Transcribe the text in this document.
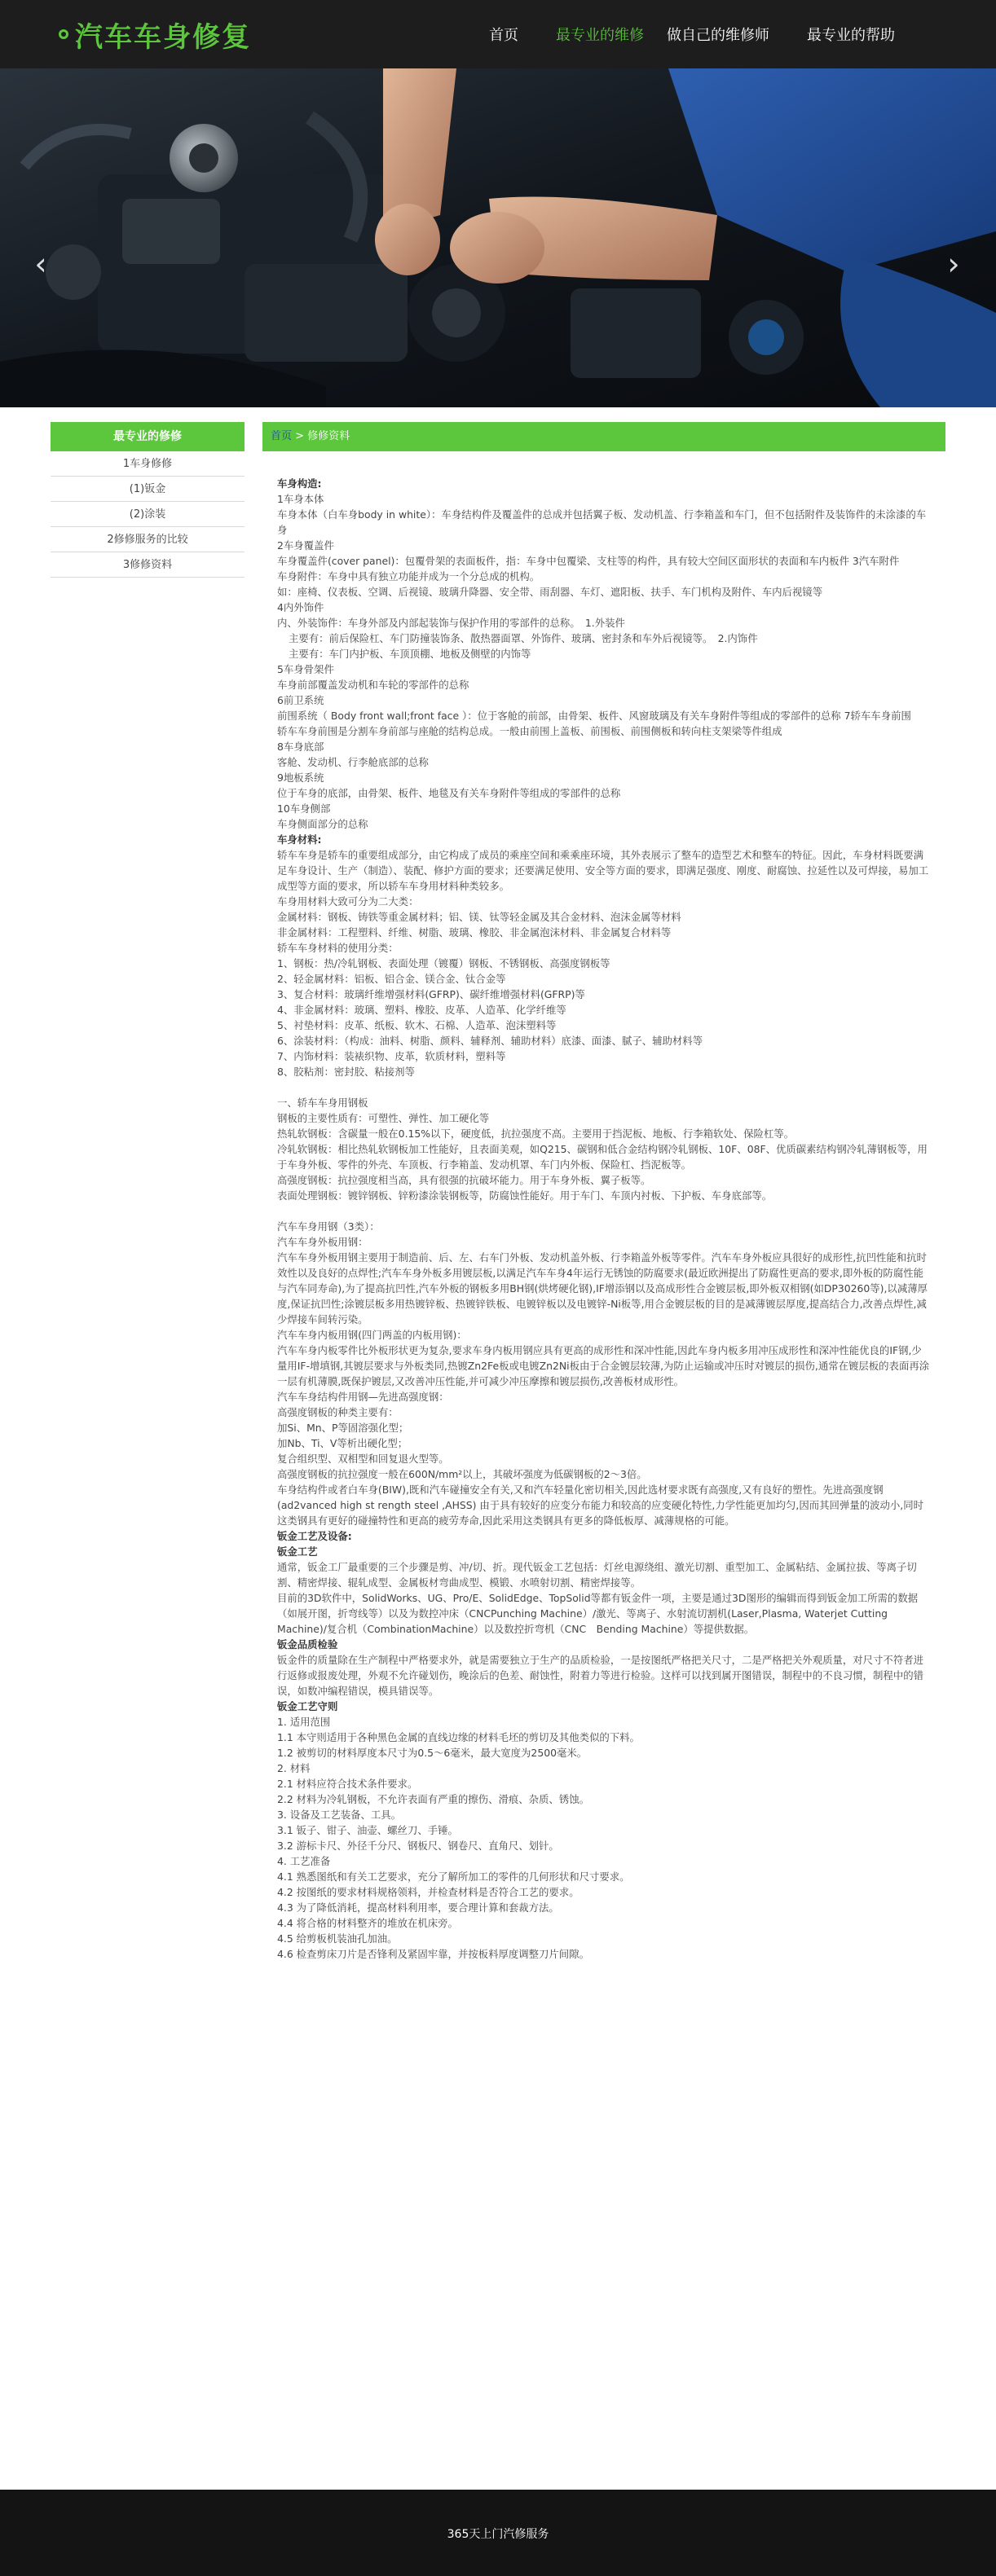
汽车车身修复	首页	最专业的维修 做自己的维修师	最专业的帮助
‹	›
最专业的修修
1车身修修
(1)钣金
(2)涂装
2修修服务的比较
3修修资料
首页 > 修修资料

车身构造:

1车身本体

车身本体（白车身body in white）：车身结构件及覆盖件的总成并包括翼子板、发动机盖、行李箱盖和车门，但不包括附件及装饰件的未涂漆的车身

2车身覆盖件

车身覆盖件(cover panel)：包覆骨架的表面板件，指：车身中包覆梁、支柱等的构件，具有较大空间区面形状的表面和车内板件 3汽车附件

车身附件：车身中具有独立功能并成为一个分总成的机构。

如：座椅、仪表板、空调、后视镜、玻璃升降器、安全带、雨刮器、车灯、遮阳板、扶手、车门机构及附件、车内后视镜等

4内外饰件

内、外装饰件：车身外部及内部起装饰与保护作用的零部件的总称。　1.外装件

主要有：前后保险杠、车门防撞装饰条、散热器面罩、外饰件、玻璃、密封条和车外后视镜等。　2.内饰件

主要有：车门内护板、车顶顶棚、地板及侧壁的内饰等

5车身骨架件

车身前部覆盖发动机和车轮的零部件的总称

6前卫系统

前围系统（ Body front wall;front face ）：位于客舱的前部，由骨架、板件、风窗玻璃及有关车身附件等组成的零部件的总称 7轿车车身前围

轿车车身前围是分割车身前部与座舱的结构总成。一般由前围上盖板、前围板、前围侧板和转向柱支架梁等件组成

8车身底部

客舱、发动机、行李舱底部的总称

9地板系统

位于车身的底部，由骨架、板件、地毯及有关车身附件等组成的零部件的总称

10车身侧部

车身侧面部分的总称

车身材料:

轿车车身是轿车的重要组成部分，由它构成了成员的乘座空间和乘乘座环境，其外表展示了整车的造型艺术和整车的特征。因此，车身材料既要满足车身设计、生产（制造）、装配、修护方面的要求；还要满足使用、安全等方面的要求，即满足强度、刚度、耐腐蚀、拉延性以及可焊接，易加工成型等方面的要求，所以轿车车身用材料种类较多。

车身用材料大致可分为二大类：

金属材料：钢板、铸铁等重金属材料；铝、镁、钛等轻金属及其合金材料、泡沫金属等材料

非金属材料：工程塑料、纤维、树脂、玻璃、橡胶、非金属泡沫材料、非金属复合材料等

轿车车身材料的使用分类：

1、钢板：热/冷轧钢板、表面处理（镀覆）钢板、不锈钢板、高强度钢板等

2、轻金属材料：铝板、铝合金、镁合金、钛合金等

3、复合材料：玻璃纤维增强材料(GFRP)、碳纤维增强材料(GFRP)等

4、非金属材料：玻璃、塑料、橡胶、皮革、人造革、化学纤维等

5、衬垫材料：皮革、纸板、软木、石棉、人造革、泡沫塑料等

6、涂装材料：（构成：油料、树脂、颜料、辅释剂、辅助材料）底漆、面漆、腻子、辅助材料等

7、内饰材料：装裱织物、皮革，软质材料，塑料等

8、胶粘剂：密封胶、粘接剂等

一、轿车车身用钢板

钢板的主要性质有：可塑性、弹性、加工硬化等

热轧软钢板：含碳量一般在0.15%以下，硬度低，抗拉强度不高。主要用于挡泥板、地板、行李箱软处、保险杠等。

冷轧软钢板：相比热轧软钢板加工性能好，且表面美观，如Q215、碳钢和低合金结构钢冷轧钢板、10F、08F、优质碳素结构钢冷轧薄钢板等，用于车身外板、零件的外壳、车顶板、行李箱盖、发动机罩、车门内外板、保险杠、挡泥板等。

高强度钢板：抗拉强度相当高，具有很强的抗破坏能力。用于车身外板、翼子板等。

表面处理钢板：镀锌钢板、锌粉漆涂装钢板等，防腐蚀性能好。用于车门、车顶内衬板、下护板、车身底部等。

汽车车身用钢（3类）：

汽车车身外板用钢：

汽车车身外板用钢主要用于制造前、后、左、右车门外板、发动机盖外板、行李箱盖外板等零件。汽车车身外板应具很好的成形性,抗凹性能和抗时效性以及良好的点焊性;汽车车身外板多用镀层板,以满足汽车车身4年运行无锈蚀的防腐要求(最近欧洲提出了防腐性更高的要求,即外板的防腐性能与汽车同寿命),为了提高抗凹性,汽车外板的钢板多用BH钢(烘烤硬化钢),IF增添钢以及高成形性合金镀层板,即外板双相钢(如DP30260等),以减薄厚度,保证抗凹性;涂镀层板多用热镀锌板、热镀锌铁板、电镀锌板以及电镀锌-Ni板等,用合金镀层板的目的是减薄镀层厚度,提高结合力,改善点焊性,减少焊接车间转污染。

汽车车身内板用钢(四门两盖的内板用钢)：

汽车车身内板零件比外板形状更为复杂,要求车身内板用钢应具有更高的成形性和深冲性能,因此车身内板多用冲压成形性和深冲性能优良的IF钢,少量用IF-增填钢,其镀层要求与外板类同,热镀Zn2Fe板或电镀Zn2Ni板由于合金镀层较薄,为防止运输或冲压时对镀层的损伤,通常在镀层板的表面再涂一层有机薄膜,既保护镀层,又改善冲压性能,并可减少冲压摩擦和镀层损伤,改善板材成形性。

汽车车身结构件用钢—先进高强度钢：

高强度钢板的种类主要有：

加Si、Mn、P等固溶强化型；

加Nb、Ti、V等析出硬化型；

复合组织型、双相型和回复退火型等。

高强度钢板的抗拉强度一般在600N/mm²以上，其破坏强度为低碳钢板的2～3倍。

车身结构件或者白车身(BIW),既和汽车碰撞安全有关,又和汽车轻量化密切相关,因此选材要求既有高强度,又有良好的塑性。先进高强度钢(ad2vanced high st rength steel ,AHSS) 由于具有较好的应变分布能力和较高的应变硬化特性,力学性能更加均匀,因而其回弹量的波动小,同时这类钢具有更好的碰撞特性和更高的疲劳寿命,因此采用这类钢具有更多的降低板厚、减薄规格的可能。

钣金工艺及设备:

钣金工艺

通常，钣金工厂最重要的三个步骤是剪、冲/切、折。现代钣金工艺包括：灯丝电源绕组、激光切割、重型加工、金属粘结、金属拉拔、等离子切割、精密焊接、辊轧成型、金属板材弯曲成型、模锻、水喷射切割、精密焊接等。

目前的3D软件中，SolidWorks、UG、Pro/E、SolidEdge、TopSolid等都有钣金件一项，主要是通过3D图形的编辑而得到钣金加工所需的数据（如展开图，折弯线等）以及为数控冲床（CNCPunching Machine）/激光、等离子、水射流切割机(Laser,Plasma, Waterjet Cutting Machine)/复合机（CombinationMachine）以及数控折弯机（CNC　Bending Machine）等提供数据。

钣金品质检验

钣金件的质量除在生产制程中严格要求外，就是需要独立于生产的品质检验，一是按图纸严格把关尺寸，二是严格把关外观质量，对尺寸不符者进行返修或报废处理，外观不允许碰划伤，晚涂后的色差、耐蚀性，附着力等进行检验。这样可以找到属开图错误，制程中的不良习惯，制程中的错误，如数冲编程错误，模具错误等。

钣金工艺守则

1. 适用范围

1.1 本守则适用于各种黑色金属的直线边缘的材料毛坯的剪切及其他类似的下料。

1.2 被剪切的材料厚度本尺寸为0.5～6毫米，最大宽度为2500毫米。

2. 材料

2.1 材料应符合技术条件要求。

2.2 材料为冷轧钢板，不允许表面有严重的擦伤、滑痕、杂质、锈蚀。

3. 设备及工艺装备、工具。

3.1 钣子、钳子、油壶、螺丝刀、手锤。

3.2 游标卡尺、外径千分尺、钢板尺、钢卷尺、直角尺、划针。

4. 工艺准备

4.1 熟悉图纸和有关工艺要求，充分了解所加工的零件的几何形状和尺寸要求。

4.2 按图纸的要求材料规格领料，并检查材料是否符合工艺的要求。

4.3 为了降低消耗，提高材料利用率，要合理计算和套裁方法。

4.4 将合格的材料整齐的堆放在机床旁。

4.5 给剪板机装油孔加油。

4.6 检查剪床刀片是否锋利及紧固牢靠，并按板料厚度调整刀片间隙。

365天上门汽修服务
